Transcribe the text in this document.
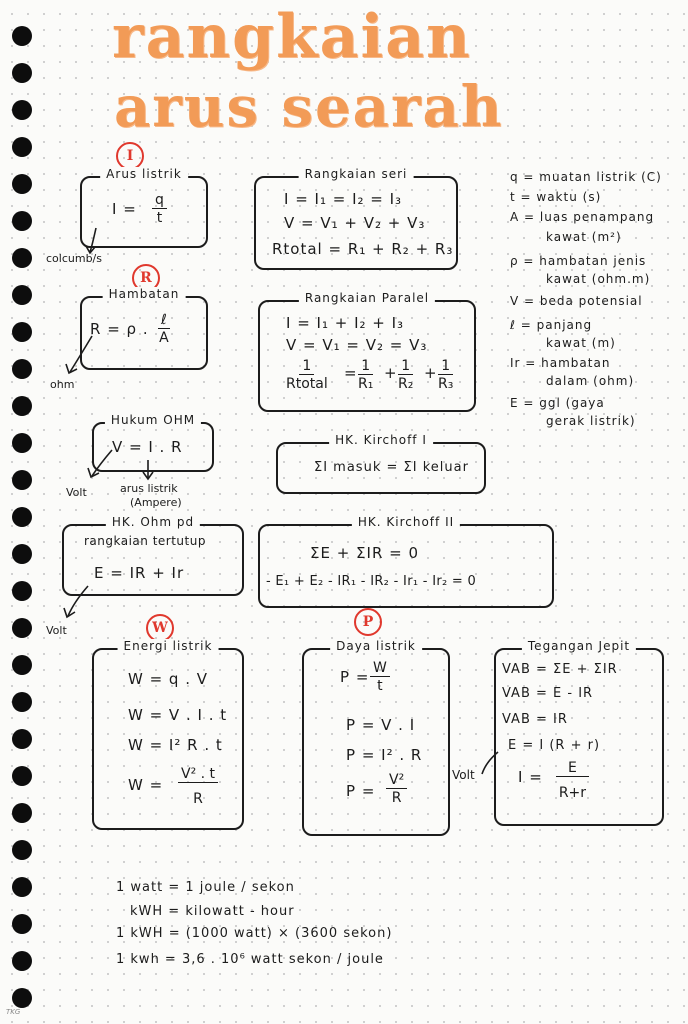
rangkaian
arus searah
I
R
W	P
Arus listrik
$I = \frac{q}{t}$
colcumb/s
Hambatan
R = ρ . ℓ
A
ohm
Hukum OHM
V = I . R
Volt	arus listrik
(Ampere)
HK. Ohm pd
rangkaian tertutup
E = IR + Ir
Volt
Rangkaian seri
I = I₁ = I₂ = I₃
V = V₁ + V₂ + V₃
Rtotal = R₁ + R₂ + R₃
Rangkaian Paralel
I = I₁ + I₂ + I₃
V = V₁ = V₂ = V₃
1
Rtotal
= $\frac{1}{\text{R₁}} + \frac{1}{\text{R₂}} + \frac{1}{\text{R₃}}$
HK. Kirchoff I
ΣI masuk = ΣI keluar
HK. Kirchoff II
ΣE + ΣIR = 0
- E₁ + E₂ - IR₁ - IR₂ - Ir₁ - Ir₂ = 0
q = muatan listrik (C)
t = waktu (s)
A = luas penampang
kawat (m²)
ρ = hambatan jenis
kawat (ohm.m)
V = beda potensial
ℓ = panjang
kawat (m)
Ir = hambatan
dalam (ohm)
E = ggl (gaya
gerak listrik)
Energi listrik
W = q . V
W = V . I . t
W = I² R . t
$W = \frac{\text{V² . t}}{R}$
Daya listrik
$P = \frac{W}{t}$
P = V . I
P = I² . R
$P = \frac{\text{V²}}{R}$
Tegangan Jepit
VAB = ΣE + ΣIR
VAB = E - IR
VAB = IR
E = I (R + r)
$I = \frac{E}{R+r}$
Volt
1 watt = 1 joule / sekon
kWH = kilowatt - hour
1 kWH = (1000 watt) × (3600 sekon)
1 kwh = 3,6 . 10⁶ watt sekon / joule
TKG
